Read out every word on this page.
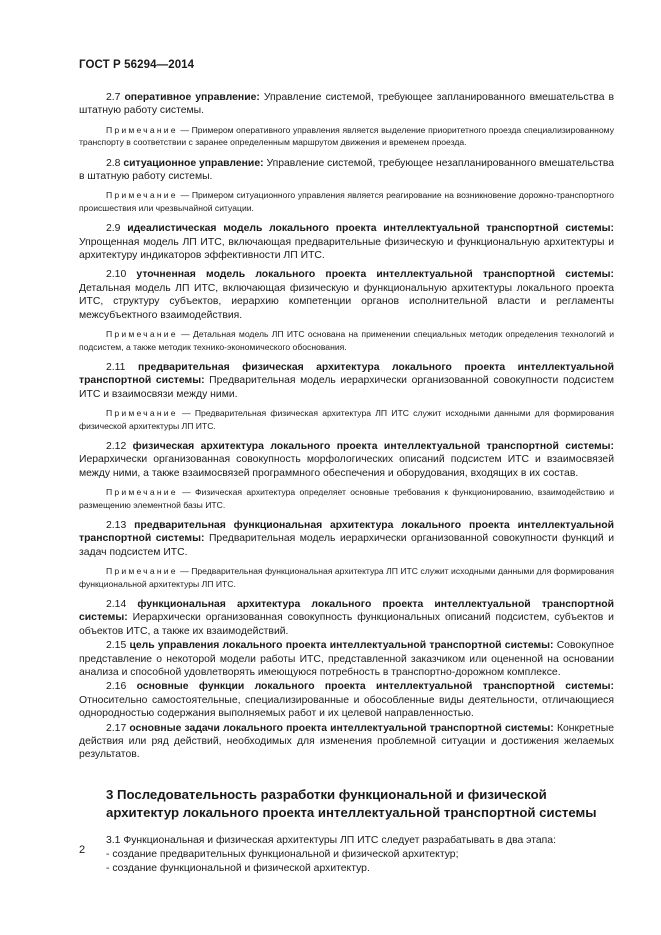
ГОСТ Р 56294—2014
2.7 оперативное управление: Управление системой, требующее запланированного вмешательства в штатную работу системы.
Примечание — Примером оперативного управления является выделение приоритетного проезда специализированному транспорту в соответствии с заранее определенным маршрутом движения и временем проезда.
2.8 ситуационное управление: Управление системой, требующее незапланированного вмешательства в штатную работу системы.
Примечание — Примером ситуационного управления является реагирование на возникновение дорожно-транспортного происшествия или чрезвычайной ситуации.
2.9 идеалистическая модель локального проекта интеллектуальной транспортной системы: Упрощенная модель ЛП ИТС, включающая предварительные физическую и функциональную архитектуры и архитектуру индикаторов эффективности ЛП ИТС.
2.10 уточненная модель локального проекта интеллектуальной транспортной системы: Детальная модель ЛП ИТС, включающая физическую и функциональную архитектуры локального проекта ИТС, структуру субъектов, иерархию компетенции органов исполнительной власти и регламенты межсубъектного взаимодействия.
Примечание — Детальная модель ЛП ИТС основана на применении специальных методик определения технологий и подсистем, а также методик технико-экономического обоснования.
2.11 предварительная физическая архитектура локального проекта интеллектуальной транспортной системы: Предварительная модель иерархически организованной совокупности подсистем ИТС и взаимосвязи между ними.
Примечание — Предварительная физическая архитектура ЛП ИТС служит исходными данными для формирования физической архитектуры ЛП ИТС.
2.12 физическая архитектура локального проекта интеллектуальной транспортной системы: Иерархически организованная совокупность морфологических описаний подсистем ИТС и взаимосвязей между ними, а также взаимосвязей программного обеспечения и оборудования, входящих в их состав.
Примечание — Физическая архитектура определяет основные требования к функционированию, взаимодействию и размещению элементной базы ИТС.
2.13 предварительная функциональная архитектура локального проекта интеллектуальной транспортной системы: Предварительная модель иерархически организованной совокупности функций и задач подсистем ИТС.
Примечание — Предварительная функциональная архитектура ЛП ИТС служит исходными данными для формирования функциональной архитектуры ЛП ИТС.
2.14 функциональная архитектура локального проекта интеллектуальной транспортной системы: Иерархически организованная совокупность функциональных описаний подсистем, субъектов и объектов ИТС, а также их взаимодействий.
2.15 цель управления локального проекта интеллектуальной транспортной системы: Совокупное представление о некоторой модели работы ИТС, представленной заказчиком или оцененной на основании анализа и способной удовлетворять имеющуюся потребность в транспортно-дорожном комплексе.
2.16 основные функции локального проекта интеллектуальной транспортной системы: Относительно самостоятельные, специализированные и обособленные виды деятельности, отличающиеся однородностью содержания выполняемых работ и их целевой направленностью.
2.17 основные задачи локального проекта интеллектуальной транспортной системы: Конкретные действия или ряд действий, необходимых для изменения проблемной ситуации и достижения желаемых результатов.
3 Последовательность разработки функциональной и физической архитектур локального проекта интеллектуальной транспортной системы
3.1 Функциональная и физическая архитектуры ЛП ИТС следует разрабатывать в два этапа:
- создание предварительных функциональной и физической архитектур;
- создание функциональной и физической архитектур.
2
